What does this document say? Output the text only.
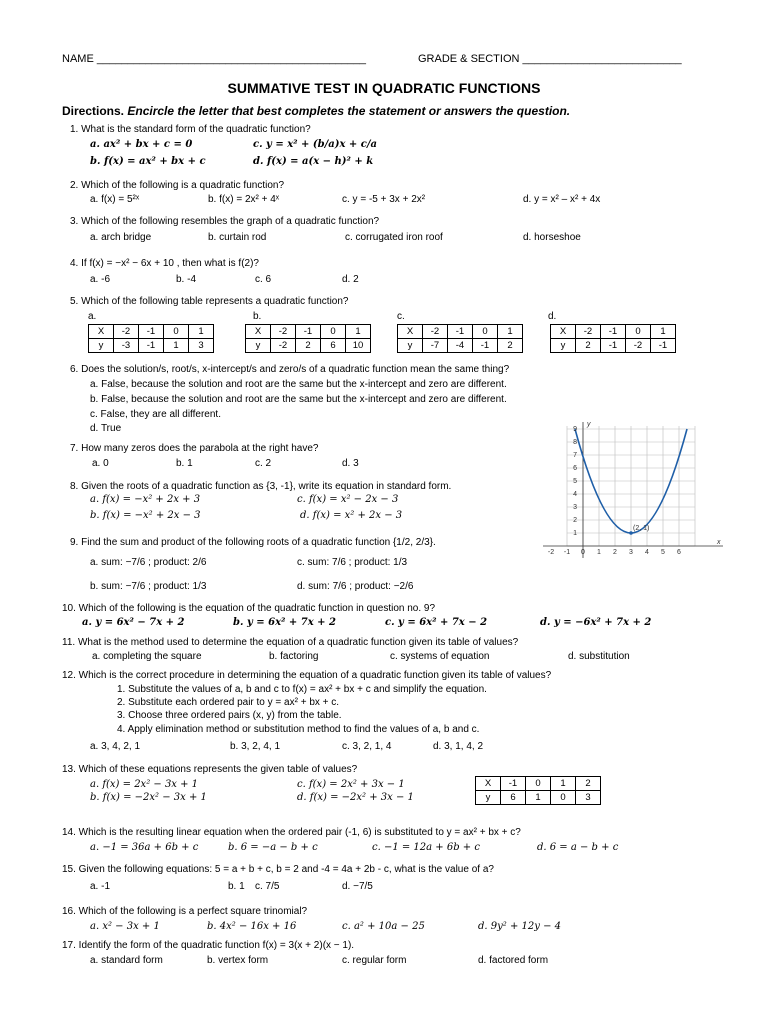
NAME ____________________________________________	GRADE & SECTION __________________________
SUMMATIVE TEST IN QUADRATIC FUNCTIONS
Directions. Encircle the letter that best completes the statement or answers the question.
1. What is the standard form of the quadratic function?
a. ax² + bx + c = 0	c. y = x² + (b/a)x + c/a
b. f(x) = ax² + bx + c	d. f(x) = a(x − h)² + k
2. Which of the following is a quadratic function?
a. f(x) = 5²ˣ	b. f(x) = 2x² + 4ˣ	c. y = -5 + 3x + 2x²	d. y = x² – x² + 4x
3. Which of the following resembles the graph of a quadratic function?
a. arch bridge	b. curtain rod	c. corrugated iron roof	d. horseshoe
4. If f(x) = −x² − 6x + 10 , then what is f(2)?
a. -6	b. -4	c. 6	d. 2
5. Which of the following table represents a quadratic function?
a.	b.	c.	d.
X	-2	-1	0	1
y	-3	-1	1	3
X	-2	-1	0	1
y	-2	2	6	10
X	-2	-1	0	1
y	-7	-4	-1	2
X	-2	-1	0	1
y	2	-1	-2	-1
6. Does the solution/s, root/s, x-intercept/s and zero/s of a quadratic function mean the same thing?
a. False, because the solution and root are the same but the x-intercept and zero are different.
b. False, because the solution and root are the same but the x-intercept and zero are different.
c. False, they are all different.
d. True
7. How many zeros does the parabola at the right have?
a. 0	b. 1	c. 2	d. 3
9
8
7
6
5
4
3
2
1
-2 -1 0 1 2 3 4 5 6
x
y
(2, 1)
8. Given the roots of a quadratic function as {3, -1}, write its equation in standard form.
a. f(x) = −x² + 2x + 3	c. f(x) = x² − 2x − 3
b. f(x) = −x² + 2x − 3	d. f(x) = x² + 2x − 3
9. Find the sum and product of the following roots of a quadratic function {1/2, 2/3}.
a. sum: −7/6 ; product: 2/6	c. sum: 7/6 ; product: 1/3
b. sum: −7/6 ; product: 1/3	d. sum: 7/6 ; product: −2/6
10. Which of the following is the equation of the quadratic function in question no. 9?
a. y = 6x² − 7x + 2	b. y = 6x² + 7x + 2	c. y = 6x² + 7x − 2	d. y = −6x² + 7x + 2
11. What is the method used to determine the equation of a quadratic function given its table of values?
a. completing the square	b. factoring	c. systems of equation	d. substitution
12. Which is the correct procedure in determining the equation of a quadratic function given its table of values?
1. Substitute the values of a, b and c to f(x) = ax² + bx + c and simplify the equation.
2. Substitute each ordered pair to y = ax² + bx + c.
3. Choose three ordered pairs (x, y) from the table.
4. Apply elimination method or substitution method to find the values of a, b and c.
a. 3, 4, 2, 1	b. 3, 2, 4, 1	c. 3, 2, 1, 4	d. 3, 1, 4, 2
13. Which of these equations represents the given table of values?
a. f(x) = 2x² − 3x + 1	c. f(x) = 2x² + 3x − 1
b. f(x) = −2x² − 3x + 1	d. f(x) = −2x² + 3x − 1
X	-1	0	1	2
y	6	1	0	3
14. Which is the resulting linear equation when the ordered pair (-1, 6) is substituted to y = ax² + bx + c?
a. −1 = 36a + 6b + c	b. 6 = −a − b + c	c. −1 = 12a + 6b + c	d. 6 = a − b + c
15. Given the following equations: 5 = a + b + c, b = 2 and -4 = 4a + 2b - c, what is the value of a?
a. -1	b. 1 c. 7/5	d. −7/5
16. Which of the following is a perfect square trinomial?
a. x² − 3x + 1	b. 4x² − 16x + 16	c. a² + 10a − 25	d. 9y² + 12y − 4
17. Identify the form of the quadratic function f(x) = 3(x + 2)(x − 1).
a. standard form	b. vertex form	c. regular form	d. factored form
